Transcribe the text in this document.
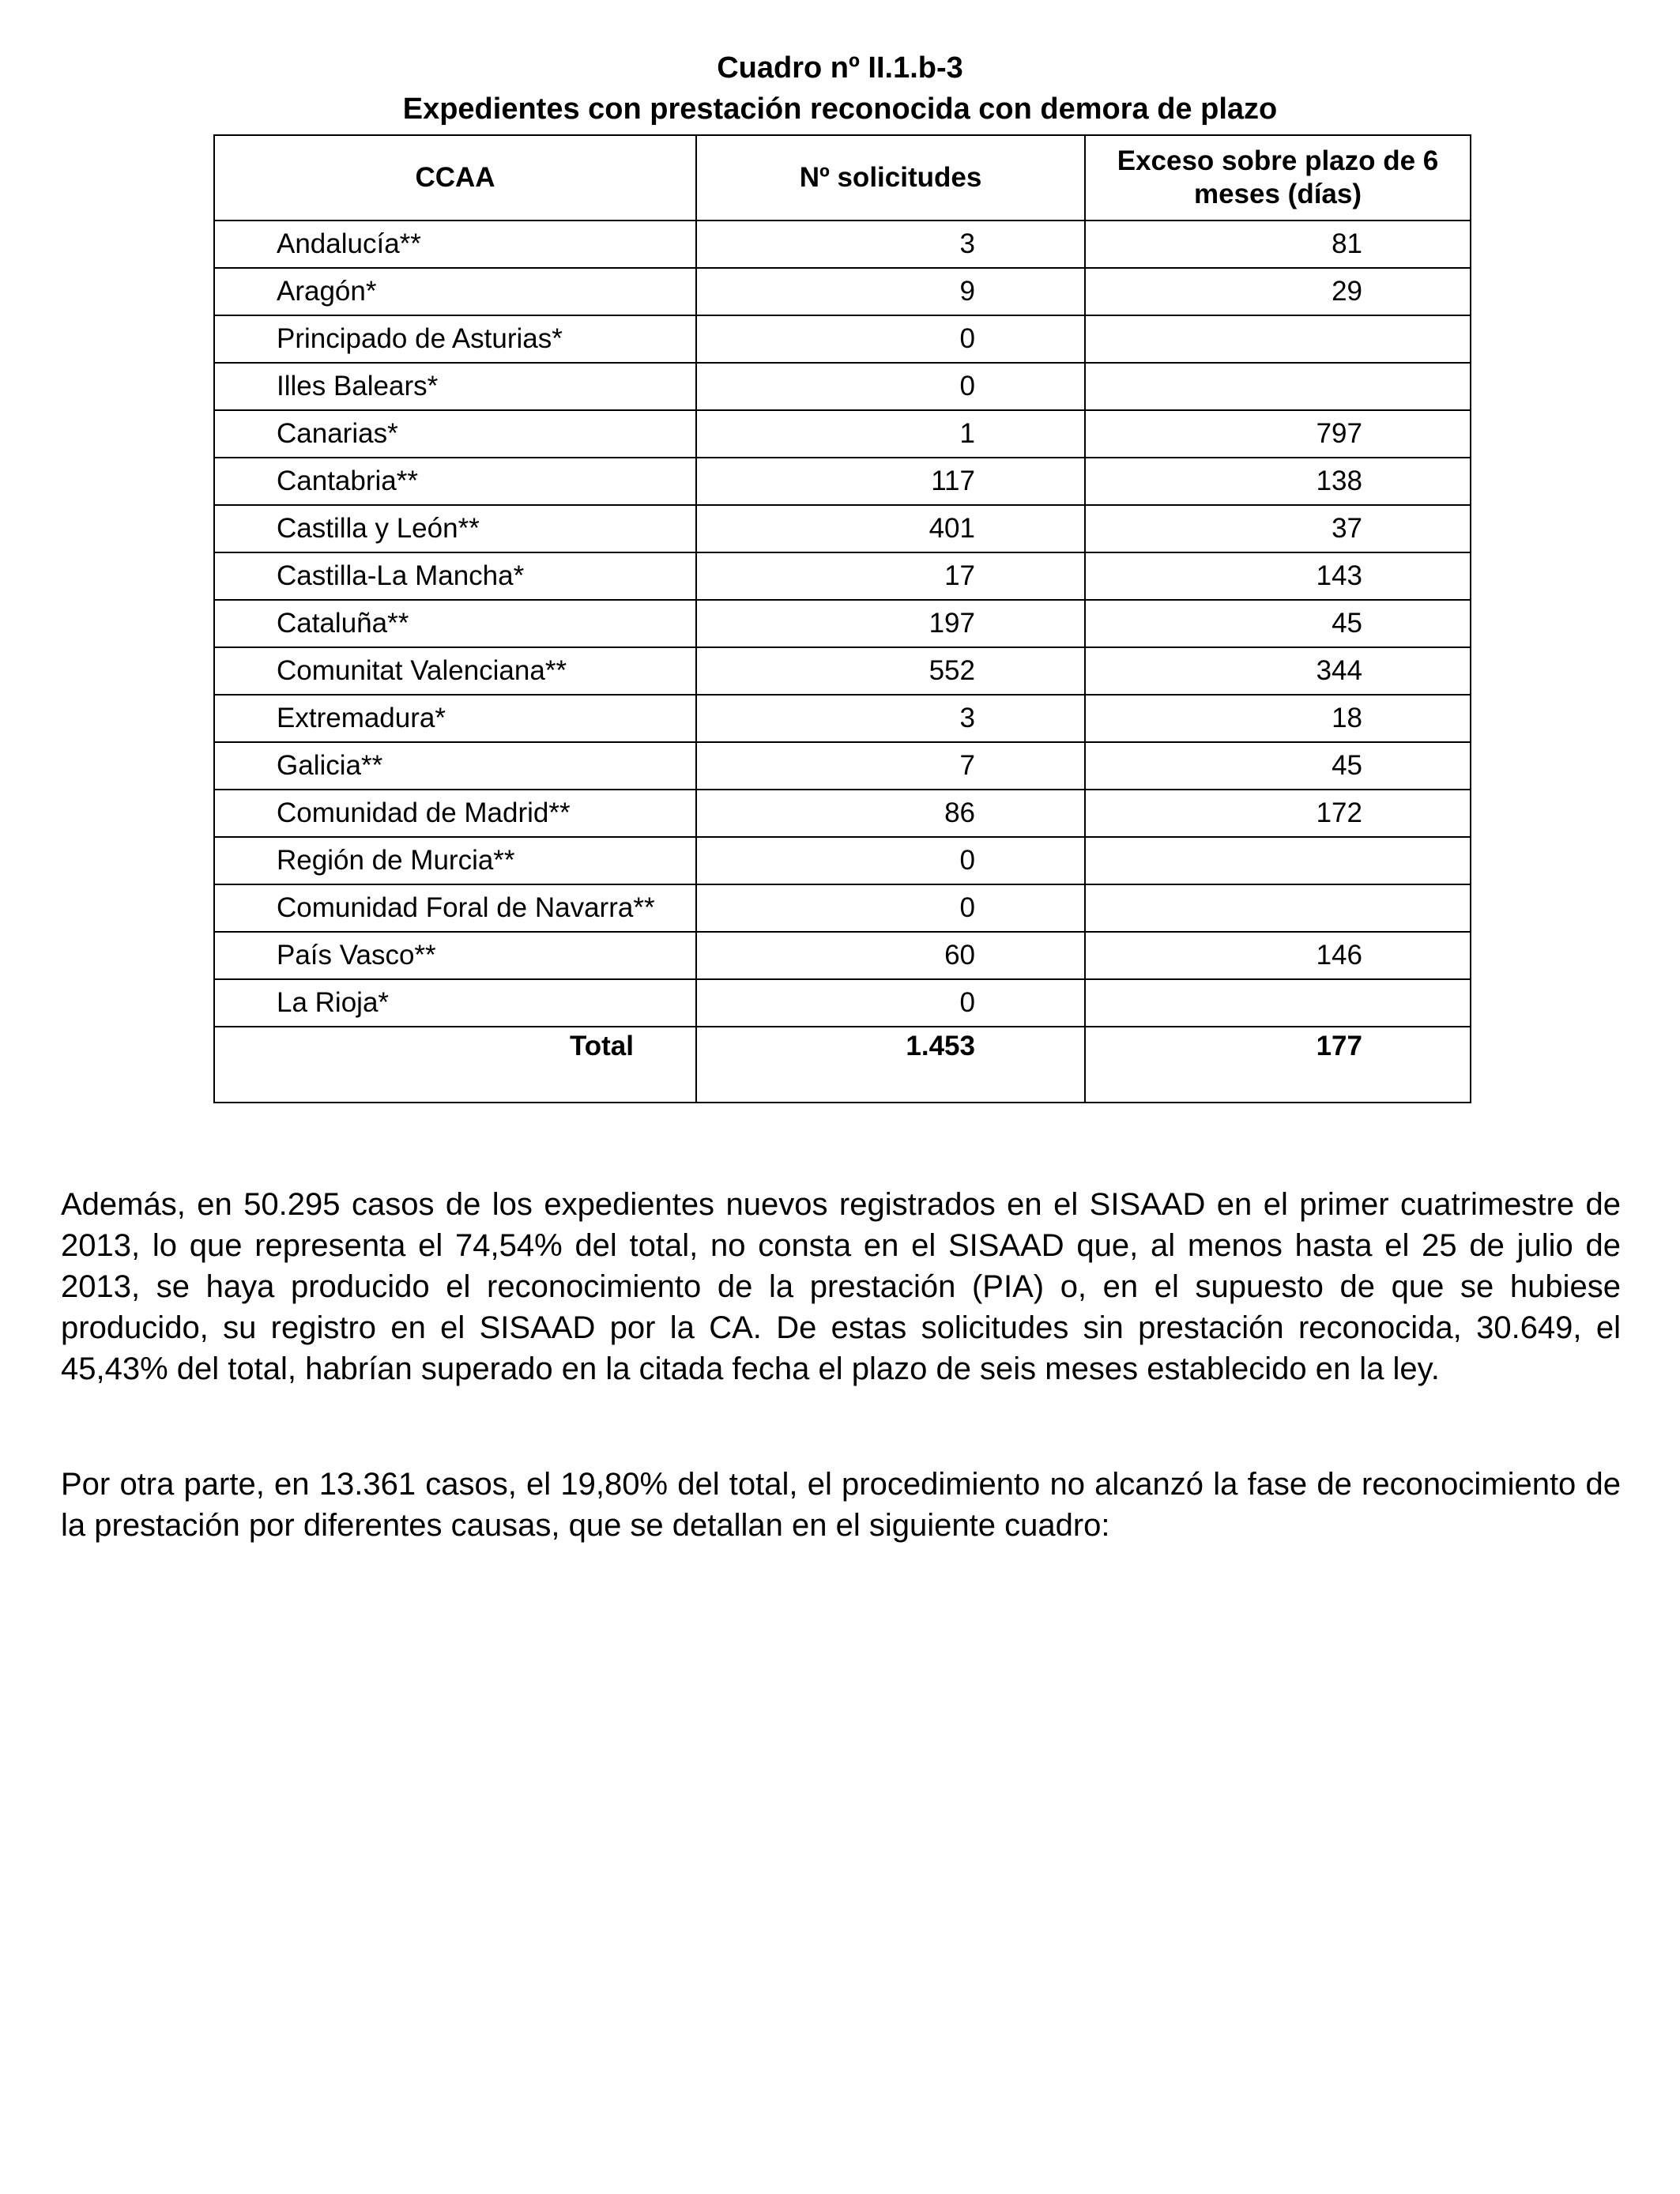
Cuadro nº II.1.b-3
Expedientes con prestación reconocida con demora de plazo
CCAA	Nº solicitudes	Exceso sobre plazo de 6 meses (días)
Andalucía**	3	81
Aragón*	9	29
Principado de Asturias*	0	
Illes Balears*	0	
Canarias*	1	797
Cantabria**	117	138
Castilla y León**	401	37
Castilla-La Mancha*	17	143
Cataluña**	197	45
Comunitat Valenciana**	552	344
Extremadura*	3	18
Galicia**	7	45
Comunidad de Madrid**	86	172
Región de Murcia**	0	
Comunidad Foral de Navarra**	0	
País Vasco**	60	146
La Rioja*	0	
Total	1.453	177

Además, en 50.295 casos de los expedientes nuevos registrados en el SISAAD en el primer cuatrimestre de 2013, lo que representa el 74,54% del total, no consta en el SISAAD que, al menos hasta el 25 de julio de 2013, se haya producido el reconocimiento de la prestación (PIA) o, en el supuesto de que se hubiese producido, su registro en el SISAAD por la CA. De estas solicitudes sin prestación reconocida, 30.649, el 45,43% del total, habrían superado en la citada fecha el plazo de seis meses establecido en la ley.

Por otra parte, en 13.361 casos, el 19,80% del total, el procedimiento no alcanzó la fase de reconocimiento de la prestación por diferentes causas, que se detallan en el siguiente cuadro:
